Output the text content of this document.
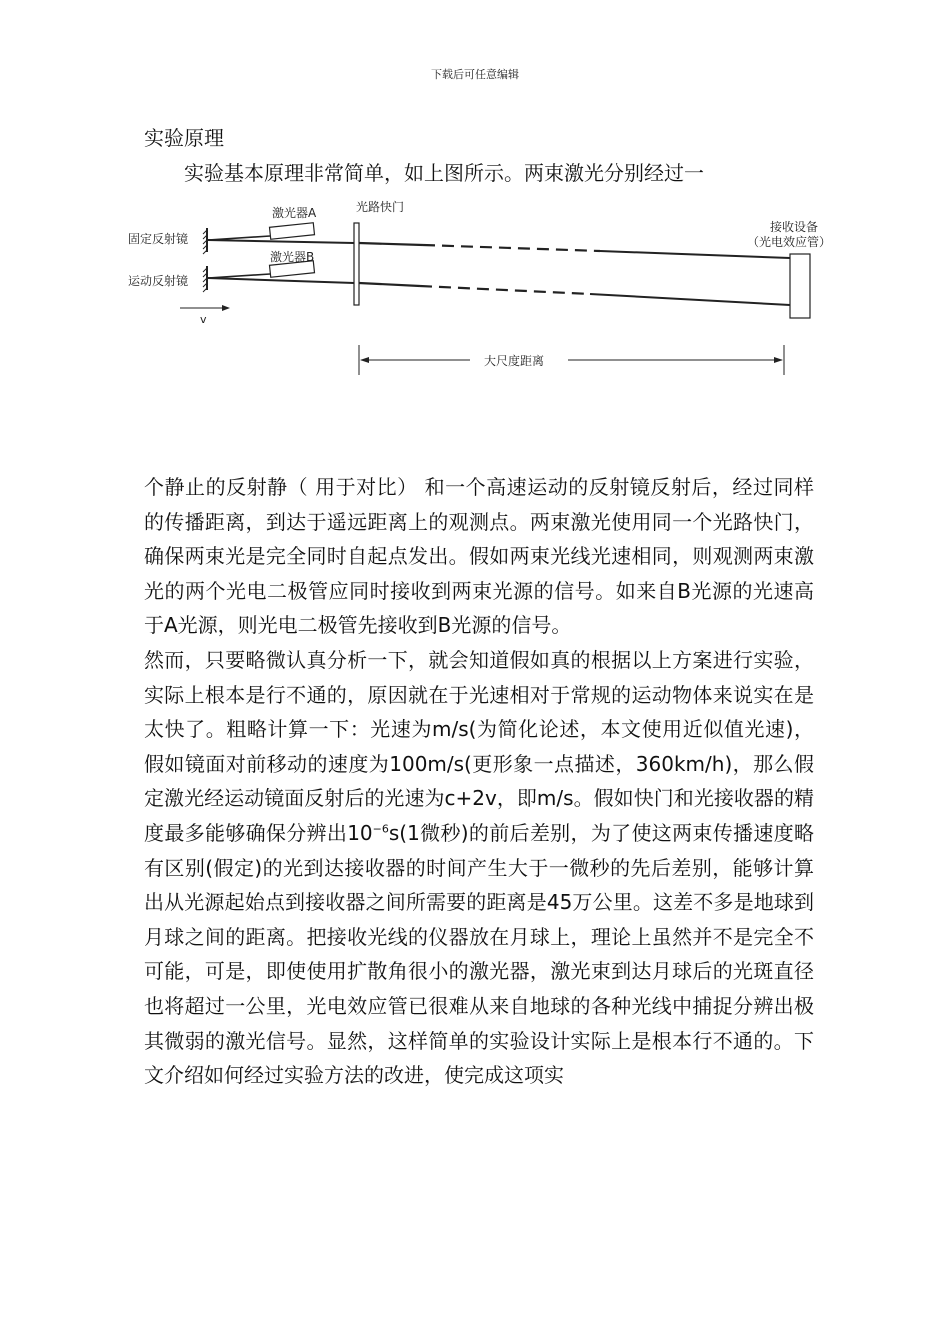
下载后可任意编辑
实验原理
实验基本原理非常简单，如上图所示。两束激光分别经过一
固定反射镜
运动反射镜
激光器A
激光器B
光路快门
接收设备
（光电效应管）
v
大尺度距离

个静止的反射静（ 用于对比） 和一个高速运动的反射镜反射后，经过同样的传播距离，到达于遥远距离上的观测点。两束激光使用同一个光路快门，确保两束光是完全同时自起点发出。假如两束光线光速相同，则观测两束激光的两个光电二极管应同时接收到两束光源的信号。如来自B光源的光速高于A光源，则光电二极管先接收到B光源的信号。

然而，只要略微认真分析一下，就会知道假如真的根据以上方案进行实验，实际上根本是行不通的，原因就在于光速相对于常规的运动物体来说实在是太快了。粗略计算一下：光速为m/s(为简化论述，本文使用近似值光速)，假如镜面对前移动的速度为100m/s(更形象一点描述，360km/h)，那么假定激光经运动镜面反射后的光速为c+2v，即m/s。假如快门和光接收器的精度最多能够确保分辨出$10^{-6}s(1$微秒)的前后差别，为了使这两束传播速度略有区别(假定)的光到达接收器的时间产生大于一微秒的先后差别，能够计算出从光源起始点到接收器之间所需要的距离是45万公里。这差不多是地球到月球之间的距离。把接收光线的仪器放在月球上，理论上虽然并不是完全不可能，可是，即使使用扩散角很小的激光器，激光束到达月球后的光斑直径也将超过一公里，光电效应管已很难从来自地球的各种光线中捕捉分辨出极其微弱的激光信号。显然，这样简单的实验设计实际上是根本行不通的。下文介绍如何经过实验方法的改进，使完成这项实
